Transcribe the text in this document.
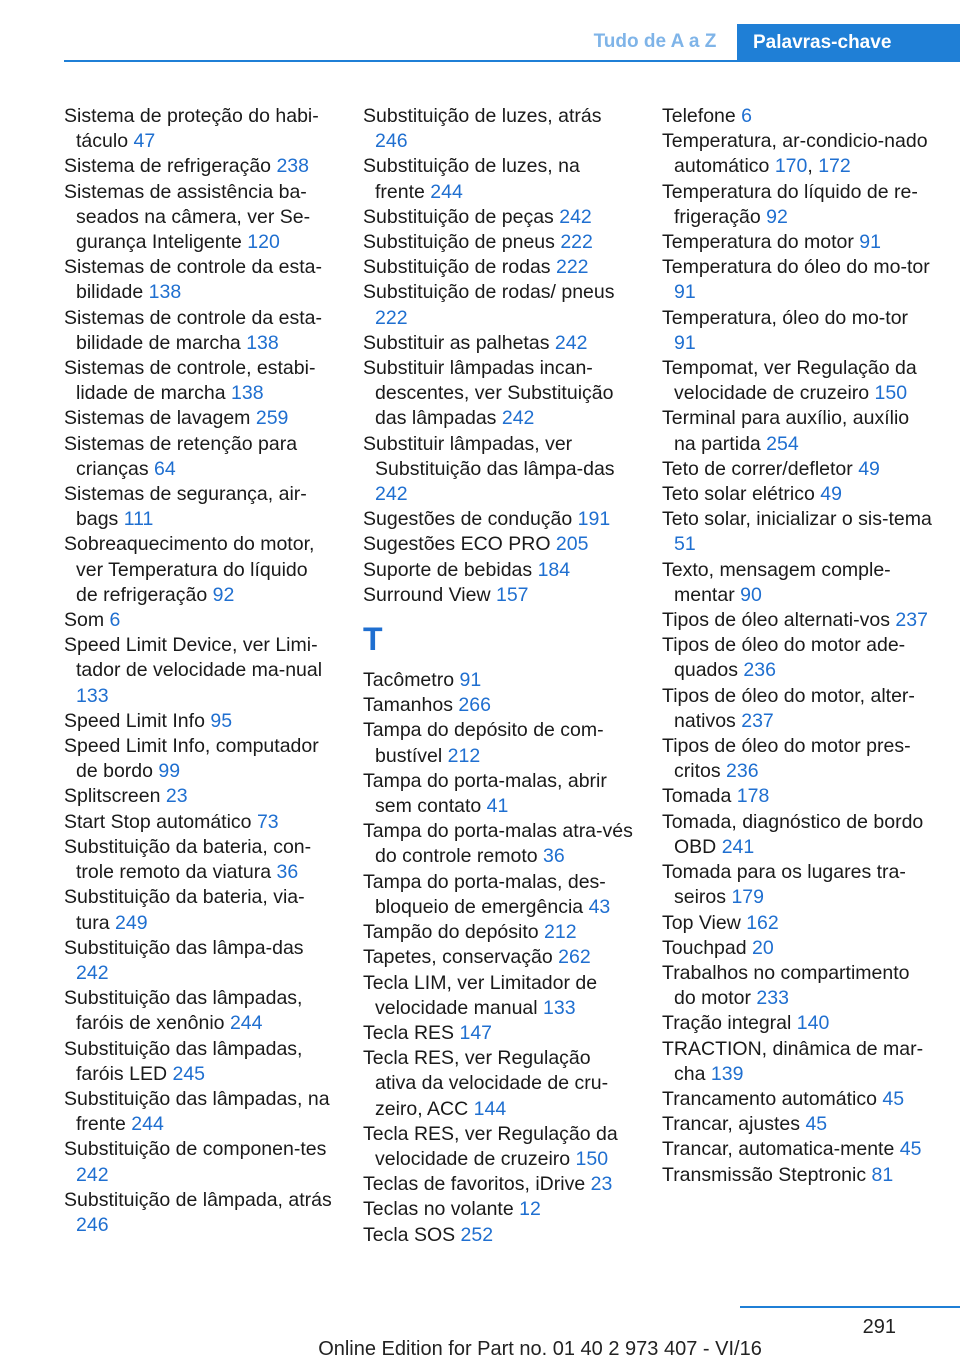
Tudo de A a Z	Palavras-chave
Sistema de proteção do habi-táculo 47
Sistema de refrigeração 238
Sistemas de assistência ba-seados na câmera, ver Se-gurança Inteligente 120
Sistemas de controle da esta-bilidade 138
Sistemas de controle da esta-bilidade de marcha 138
Sistemas de controle, estabi-lidade de marcha 138
Sistemas de lavagem 259
Sistemas de retenção para crianças 64
Sistemas de segurança, air-bags 111
Sobreaquecimento do motor, ver Temperatura do líquido de refrigeração 92
Som 6
Speed Limit Device, ver Limi-tador de velocidade ma-nual 133
Speed Limit Info 95
Speed Limit Info, computador de bordo 99
Splitscreen 23
Start Stop automático 73
Substituição da bateria, con-trole remoto da viatura 36
Substituição da bateria, via-tura 249
Substituição das lâmpa-das 242
Substituição das lâmpadas, faróis de xenônio 244
Substituição das lâmpadas, faróis LED 245
Substituição das lâmpadas, na frente 244
Substituição de componen-tes 242
Substituição de lâmpada, atrás 246
Substituição de luzes, atrás 246
Substituição de luzes, na frente 244
Substituição de peças 242
Substituição de pneus 222
Substituição de rodas 222
Substituição de rodas/ pneus 222
Substituir as palhetas 242
Substituir lâmpadas incan-descentes, ver Substituição das lâmpadas 242
Substituir lâmpadas, ver Substituição das lâmpa-das 242
Sugestões de condução 191
Sugestões ECO PRO 205
Suporte de bebidas 184
Surround View 157
T
Tacômetro 91
Tamanhos 266
Tampa do depósito de com-bustível 212
Tampa do porta-malas, abrir sem contato 41
Tampa do porta-malas atra-vés do controle remoto 36
Tampa do porta-malas, des-bloqueio de emergência 43
Tampão do depósito 212
Tapetes, conservação 262
Tecla LIM, ver Limitador de velocidade manual 133
Tecla RES 147
Tecla RES, ver Regulação ativa da velocidade de cru-zeiro, ACC 144
Tecla RES, ver Regulação da velocidade de cruzeiro 150
Teclas de favoritos, iDrive 23
Teclas no volante 12
Tecla SOS 252
Telefone 6
Temperatura, ar-condicio-nado automático 170, 172
Temperatura do líquido de re-frigeração 92
Temperatura do motor 91
Temperatura do óleo do mo-tor 91
Temperatura, óleo do mo-tor 91
Tempomat, ver Regulação da velocidade de cruzeiro 150
Terminal para auxílio, auxílio na partida 254
Teto de correr/defletor 49
Teto solar elétrico 49
Teto solar, inicializar o sis-tema 51
Texto, mensagem comple-mentar 90
Tipos de óleo alternati-vos 237
Tipos de óleo do motor ade-quados 236
Tipos de óleo do motor, alter-nativos 237
Tipos de óleo do motor pres-critos 236
Tomada 178
Tomada, diagnóstico de bordo OBD 241
Tomada para os lugares tra-seiros 179
Top View 162
Touchpad 20
Trabalhos no compartimento do motor 233
Tração integral 140
TRACTION, dinâmica de mar-cha 139
Trancamento automático 45
Trancar, ajustes 45
Trancar, automatica-mente 45
Transmissão Steptronic 81
291
Online Edition for Part no. 01 40 2 973 407 - VI/16
